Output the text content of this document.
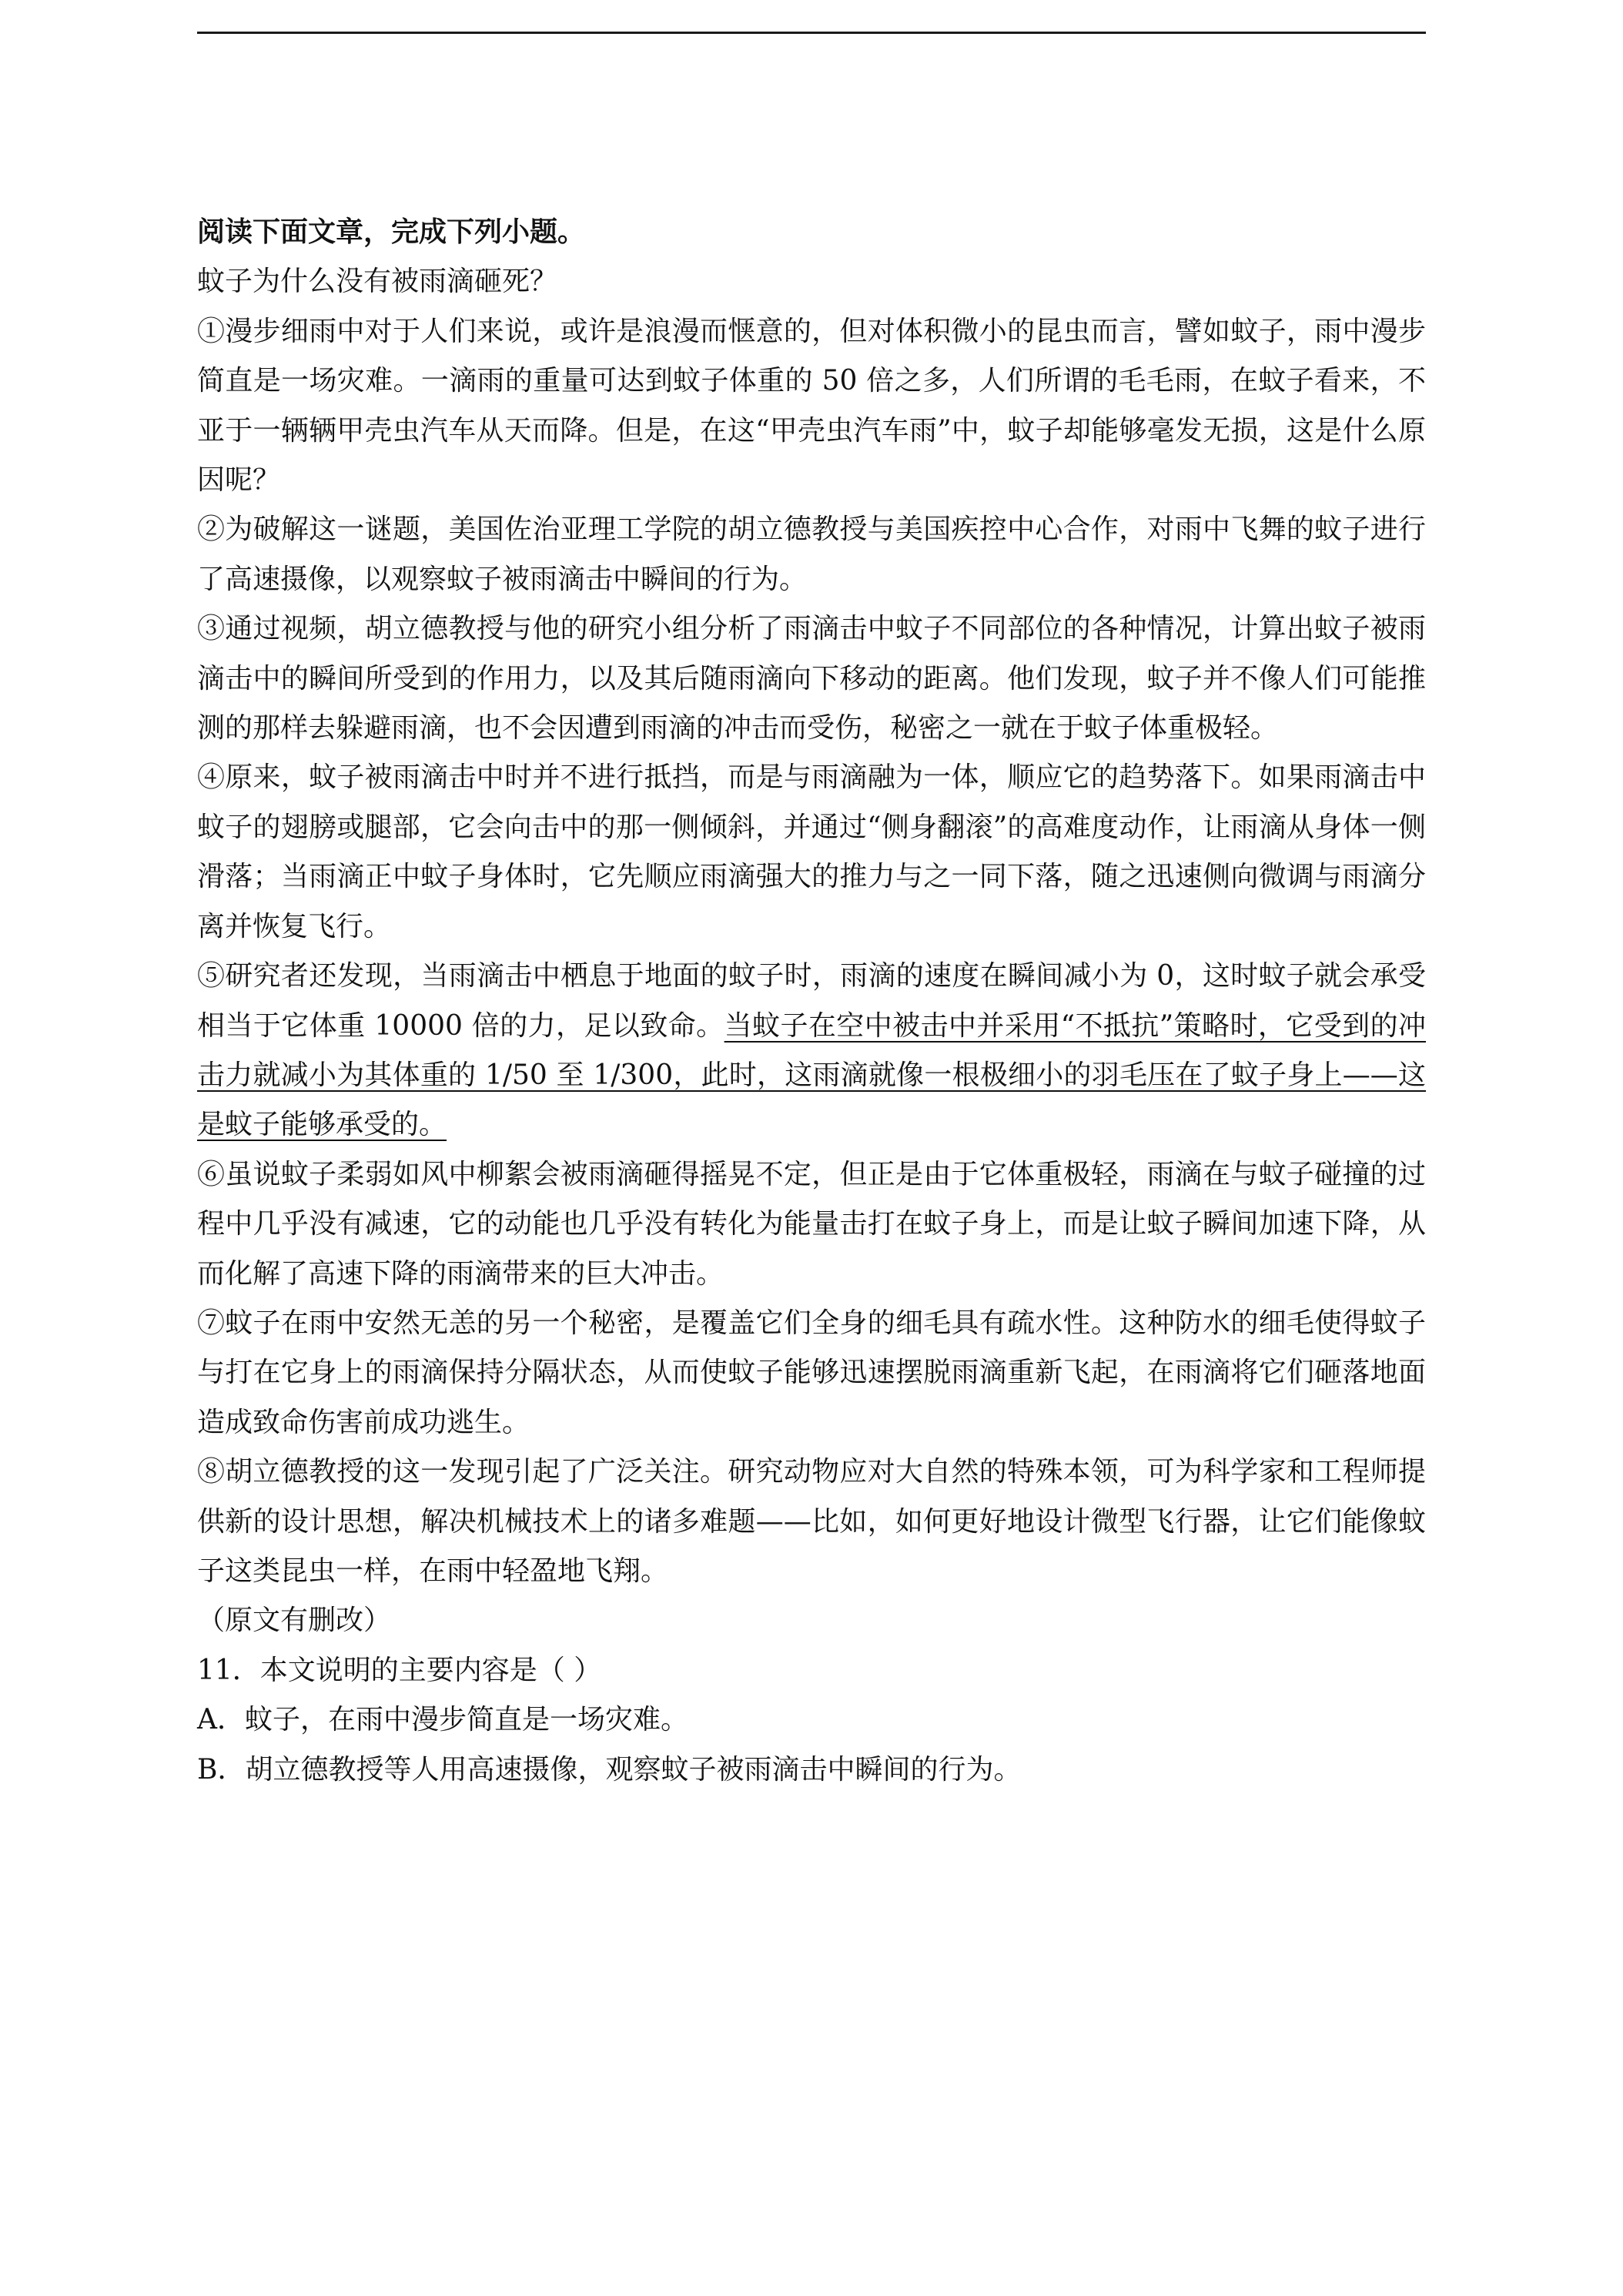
阅读下面文章，完成下列小题。

蚊子为什么没有被雨滴砸死？

①漫步细雨中对于人们来说，或许是浪漫而惬意的，但对体积微小的昆虫而言，譬如蚊子，雨中漫步简直是一场灾难。一滴雨的重量可达到蚊子体重的 50 倍之多，人们所谓的毛毛雨，在蚊子看来，不亚于一辆辆甲壳虫汽车从天而降。但是，在这“甲壳虫汽车雨”中，蚊子却能够毫发无损，这是什么原因呢？

②为破解这一谜题，美国佐治亚理工学院的胡立德教授与美国疾控中心合作，对雨中飞舞的蚊子进行了高速摄像，以观察蚊子被雨滴击中瞬间的行为。

③通过视频，胡立德教授与他的研究小组分析了雨滴击中蚊子不同部位的各种情况，计算出蚊子被雨滴击中的瞬间所受到的作用力，以及其后随雨滴向下移动的距离。他们发现，蚊子并不像人们可能推测的那样去躲避雨滴，也不会因遭到雨滴的冲击而受伤，秘密之一就在于蚊子体重极轻。

④原来，蚊子被雨滴击中时并不进行抵挡，而是与雨滴融为一体，顺应它的趋势落下。如果雨滴击中蚊子的翅膀或腿部，它会向击中的那一侧倾斜，并通过“侧身翻滚”的高难度动作，让雨滴从身体一侧滑落；当雨滴正中蚊子身体时，它先顺应雨滴强大的推力与之一同下落，随之迅速侧向微调与雨滴分离并恢复飞行。

⑤研究者还发现，当雨滴击中栖息于地面的蚊子时，雨滴的速度在瞬间减小为 0，这时蚊子就会承受相当于它体重 10000 倍的力，足以致命。当蚊子在空中被击中并采用“不抵抗”策略时，它受到的冲击力就减小为其体重的 1/50 至 1/300，此时，这雨滴就像一根极细小的羽毛压在了蚊子身上——这是蚊子能够承受的。

⑥虽说蚊子柔弱如风中柳絮会被雨滴砸得摇晃不定，但正是由于它体重极轻，雨滴在与蚊子碰撞的过程中几乎没有减速，它的动能也几乎没有转化为能量击打在蚊子身上，而是让蚊子瞬间加速下降，从而化解了高速下降的雨滴带来的巨大冲击。

⑦蚊子在雨中安然无恙的另一个秘密，是覆盖它们全身的细毛具有疏水性。这种防水的细毛使得蚊子与打在它身上的雨滴保持分隔状态，从而使蚊子能够迅速摆脱雨滴重新飞起，在雨滴将它们砸落地面造成致命伤害前成功逃生。

⑧胡立德教授的这一发现引起了广泛关注。研究动物应对大自然的特殊本领，可为科学家和工程师提供新的设计思想，解决机械技术上的诸多难题——比如，如何更好地设计微型飞行器，让它们能像蚊子这类昆虫一样，在雨中轻盈地飞翔。

（原文有删改）

11．本文说明的主要内容是（ ）

A．蚊子，在雨中漫步简直是一场灾难。

B．胡立德教授等人用高速摄像，观察蚊子被雨滴击中瞬间的行为。
